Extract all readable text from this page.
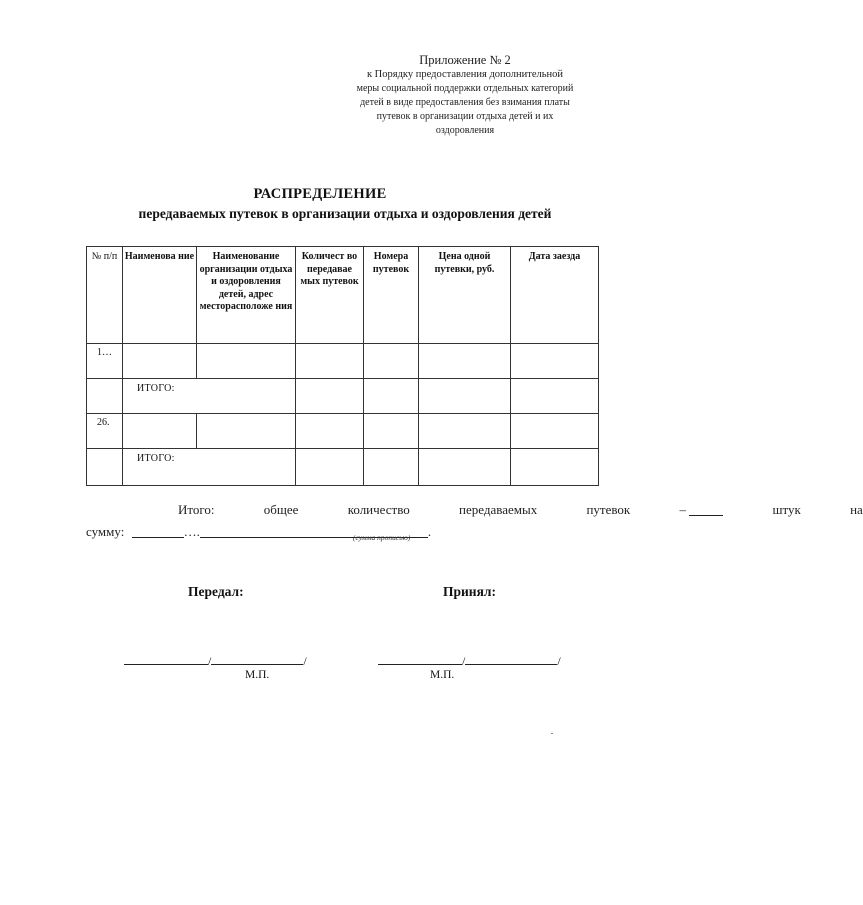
Приложение № 2
к Порядку предоставления дополнительной
меры социальной поддержки отдельных категорий
детей в виде предоставления без взимания платы
путевок в организации отдыха детей и их
оздоровления
РАСПРЕДЕЛЕНИЕ
передаваемых путевок в организации отдыха и оздоровления детей
№ п/п	Наименова ние	Наименование организации отдыха и оздоровления детей, адрес месторасположе ния	Количест во передавае мых путевок	Номера путевок	Цена одной путевки, руб.	Дата заезда
1…						
	ИТОГО:					
26.						
	ИТОГО:					
Итого:	общее	количество	передаваемых	путевок	–	штук	на
сумму:	….	.
(сумма прописью)
Передал:	Принял:
/	/	/	/
М.П.	М.П.
